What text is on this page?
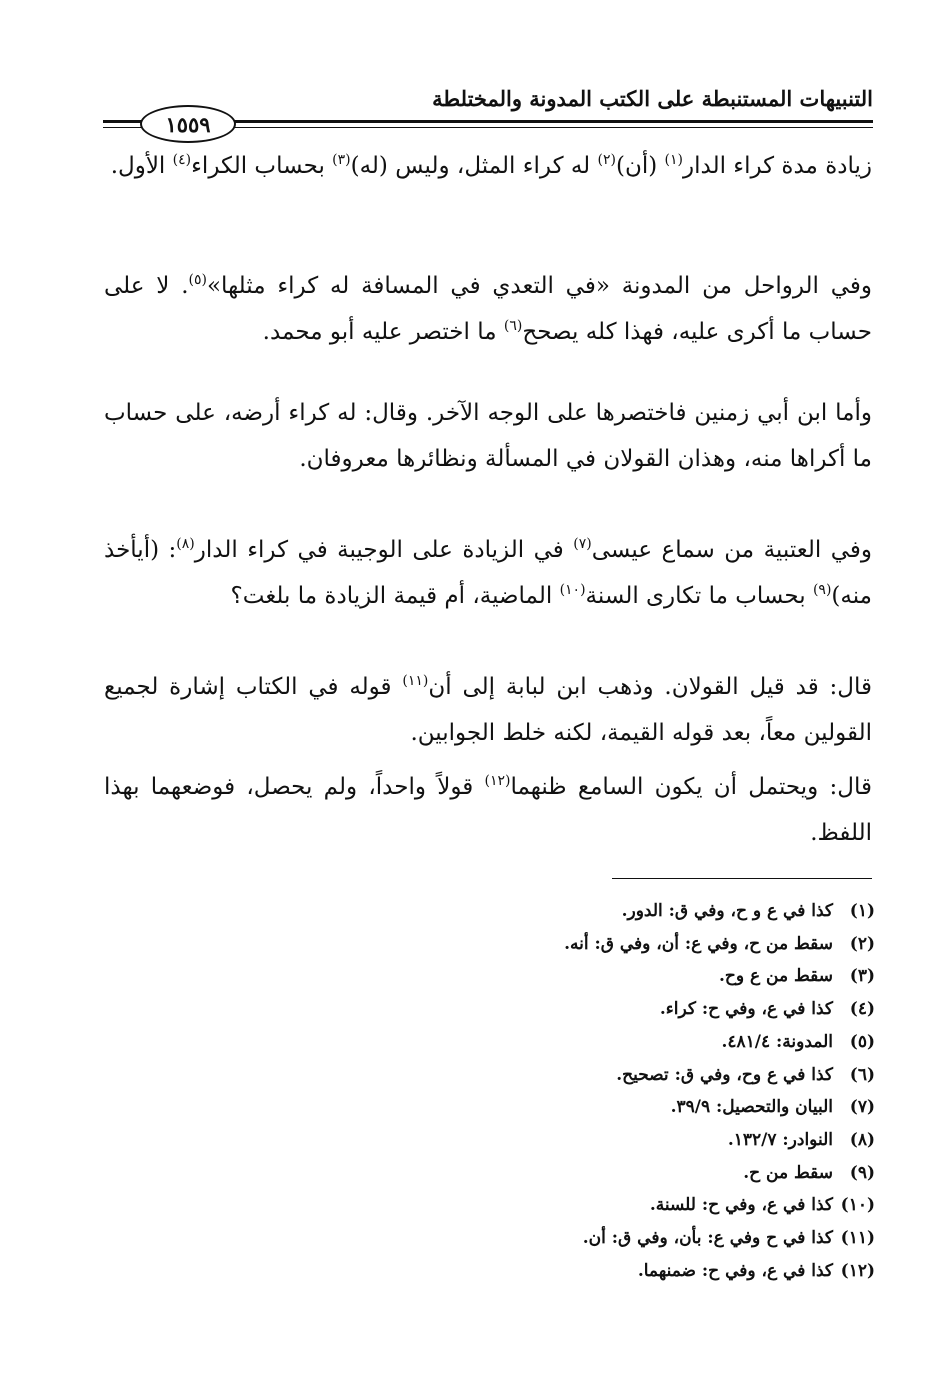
التنبيهات المستنبطة على الكتب المدونة والمختلطة
١٥٥٩

زيادة مدة كراء الدار$^{(١)}$ (أن)$^{(٢)}$ له كراء المثل، وليس (له)$^{(٣)}$ بحساب الكراء$^{(٤)}$ الأول.

وفي الرواحل من المدونة «في التعدي في المسافة له كراء مثلها»$^{(٥)}$. لا على حساب ما أكرى عليه، فهذا كله يصحح$^{(٦)}$ ما اختصر عليه أبو محمد.

وأما ابن أبي زمنين فاختصرها على الوجه الآخر. وقال: له كراء أرضه، على حساب ما أكراها منه، وهذان القولان في المسألة ونظائرها معروفان.

وفي العتبية من سماع عيسى$^{(٧)}$ في الزيادة على الوجيبة في كراء الدار$^{(٨)}$: (أيأخذ منه)$^{(٩)}$ بحساب ما تكارى السنة$^{(١٠)}$ الماضية، أم قيمة الزيادة ما بلغت؟

قال: قد قيل القولان. وذهب ابن لبابة إلى أن$^{(١١)}$ قوله في الكتاب إشارة لجميع القولين معاً، بعد قوله القيمة، لكنه خلط الجوابين.

قال: ويحتمل أن يكون السامع ظنهما$^{(١٢)}$ قولاً واحداً، ولم يحصل، فوضعهما بهذا اللفظ.

(١)
كذا في ع و ح، وفي ق: الدور.
(٢)
سقط من ح، وفي ع: أن، وفي ق: أنه.
(٣)
سقط من ع وح.
(٤)
كذا في ع، وفي ح: كراء.
(٥)
المدونة: ٤٨١/٤.
(٦)
كذا في ع وح، وفي ق: تصحيح.
(٧)
البيان والتحصيل: ٣٩/٩.
(٨)
النوادر: ١٣٢/٧.
(٩)
سقط من ح.
(١٠)
كذا في ع، وفي ح: للسنة.
(١١)
كذا في ح وفي ع: بأن، وفي ق: أن.
(١٢)
كذا في ع، وفي ح: ضمنهما.
